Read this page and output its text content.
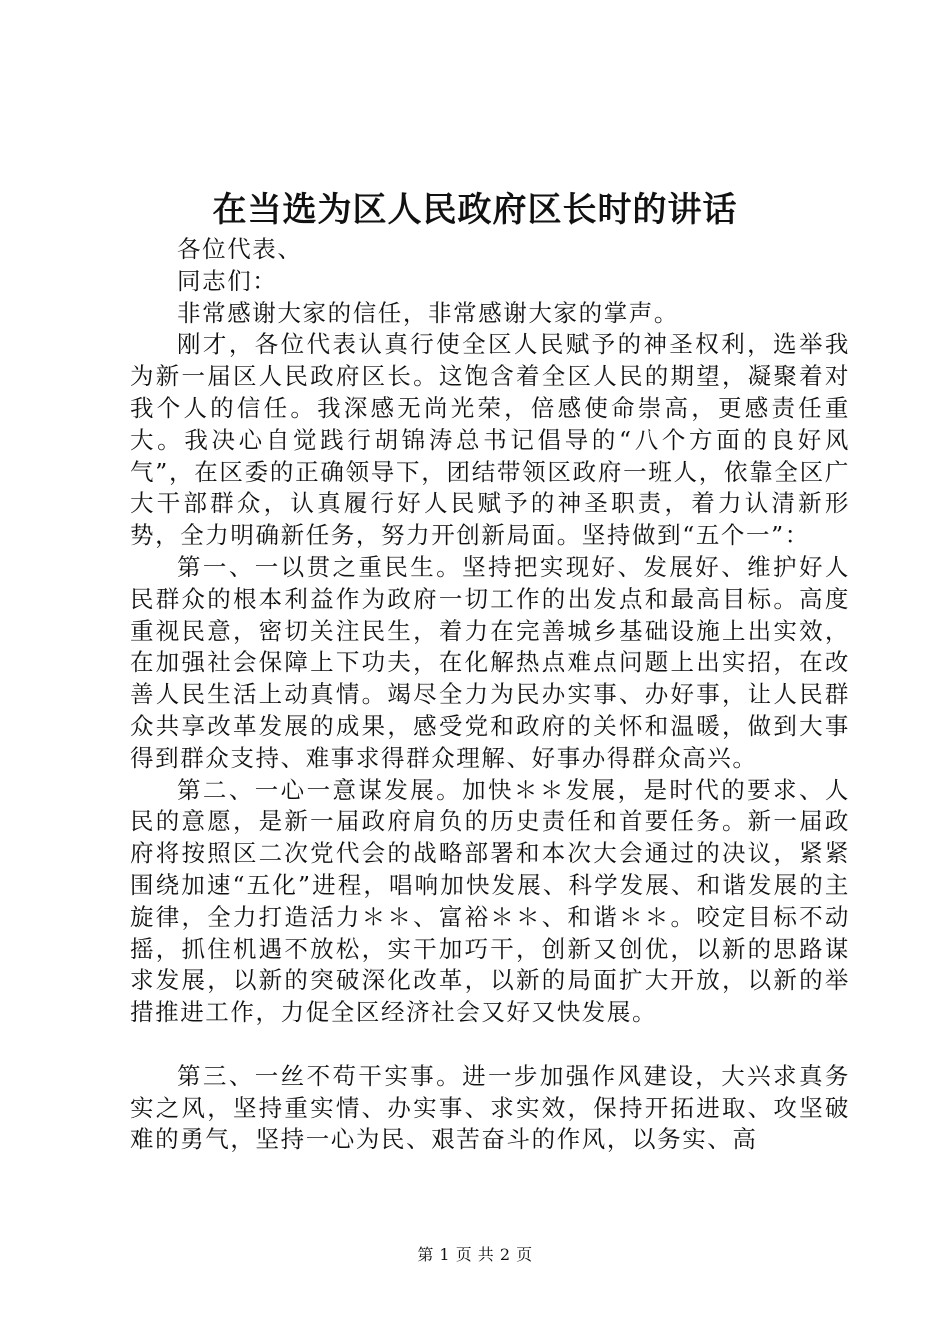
在当选为区人民政府区长时的讲话

各位代表、

同志们：

非常感谢大家的信任，非常感谢大家的掌声。

刚才，各位代表认真行使全区人民赋予的神圣权利，选举我为新一届区人民政府区长。这饱含着全区人民的期望，凝聚着对我个人的信任。我深感无尚光荣，倍感使命崇高，更感责任重大。我决心自觉践行胡锦涛总书记倡导的“八个方面的良好风气”，在区委的正确领导下，团结带领区政府一班人，依靠全区广大干部群众，认真履行好人民赋予的神圣职责，着力认清新形势，全力明确新任务，努力开创新局面。坚持做到“五个一”：

第一、一以贯之重民生。坚持把实现好、发展好、维护好人民群众的根本利益作为政府一切工作的出发点和最高目标。高度重视民意，密切关注民生，着力在完善城乡基础设施上出实效，在加强社会保障上下功夫，在化解热点难点问题上出实招，在改善人民生活上动真情。竭尽全力为民办实事、办好事，让人民群众共享改革发展的成果，感受党和政府的关怀和温暖，做到大事得到群众支持、难事求得群众理解、好事办得群众高兴。

第二、一心一意谋发展。加快＊＊发展，是时代的要求、人民的意愿，是新一届政府肩负的历史责任和首要任务。新一届政府将按照区二次党代会的战略部署和本次大会通过的决议，紧紧围绕加速“五化”进程，唱响加快发展、科学发展、和谐发展的主旋律，全力打造活力＊＊、富裕＊＊、和谐＊＊。咬定目标不动摇，抓住机遇不放松，实干加巧干，创新又创优，以新的思路谋求发展，以新的突破深化改革，以新的局面扩大开放，以新的举措推进工作，力促全区经济社会又好又快发展。

第三、一丝不苟干实事。进一步加强作风建设，大兴求真务实之风，坚持重实情、办实事、求实效，保持开拓进取、攻坚破难的勇气，坚持一心为民、艰苦奋斗的作风，以务实、高

第 1 页 共 2 页
